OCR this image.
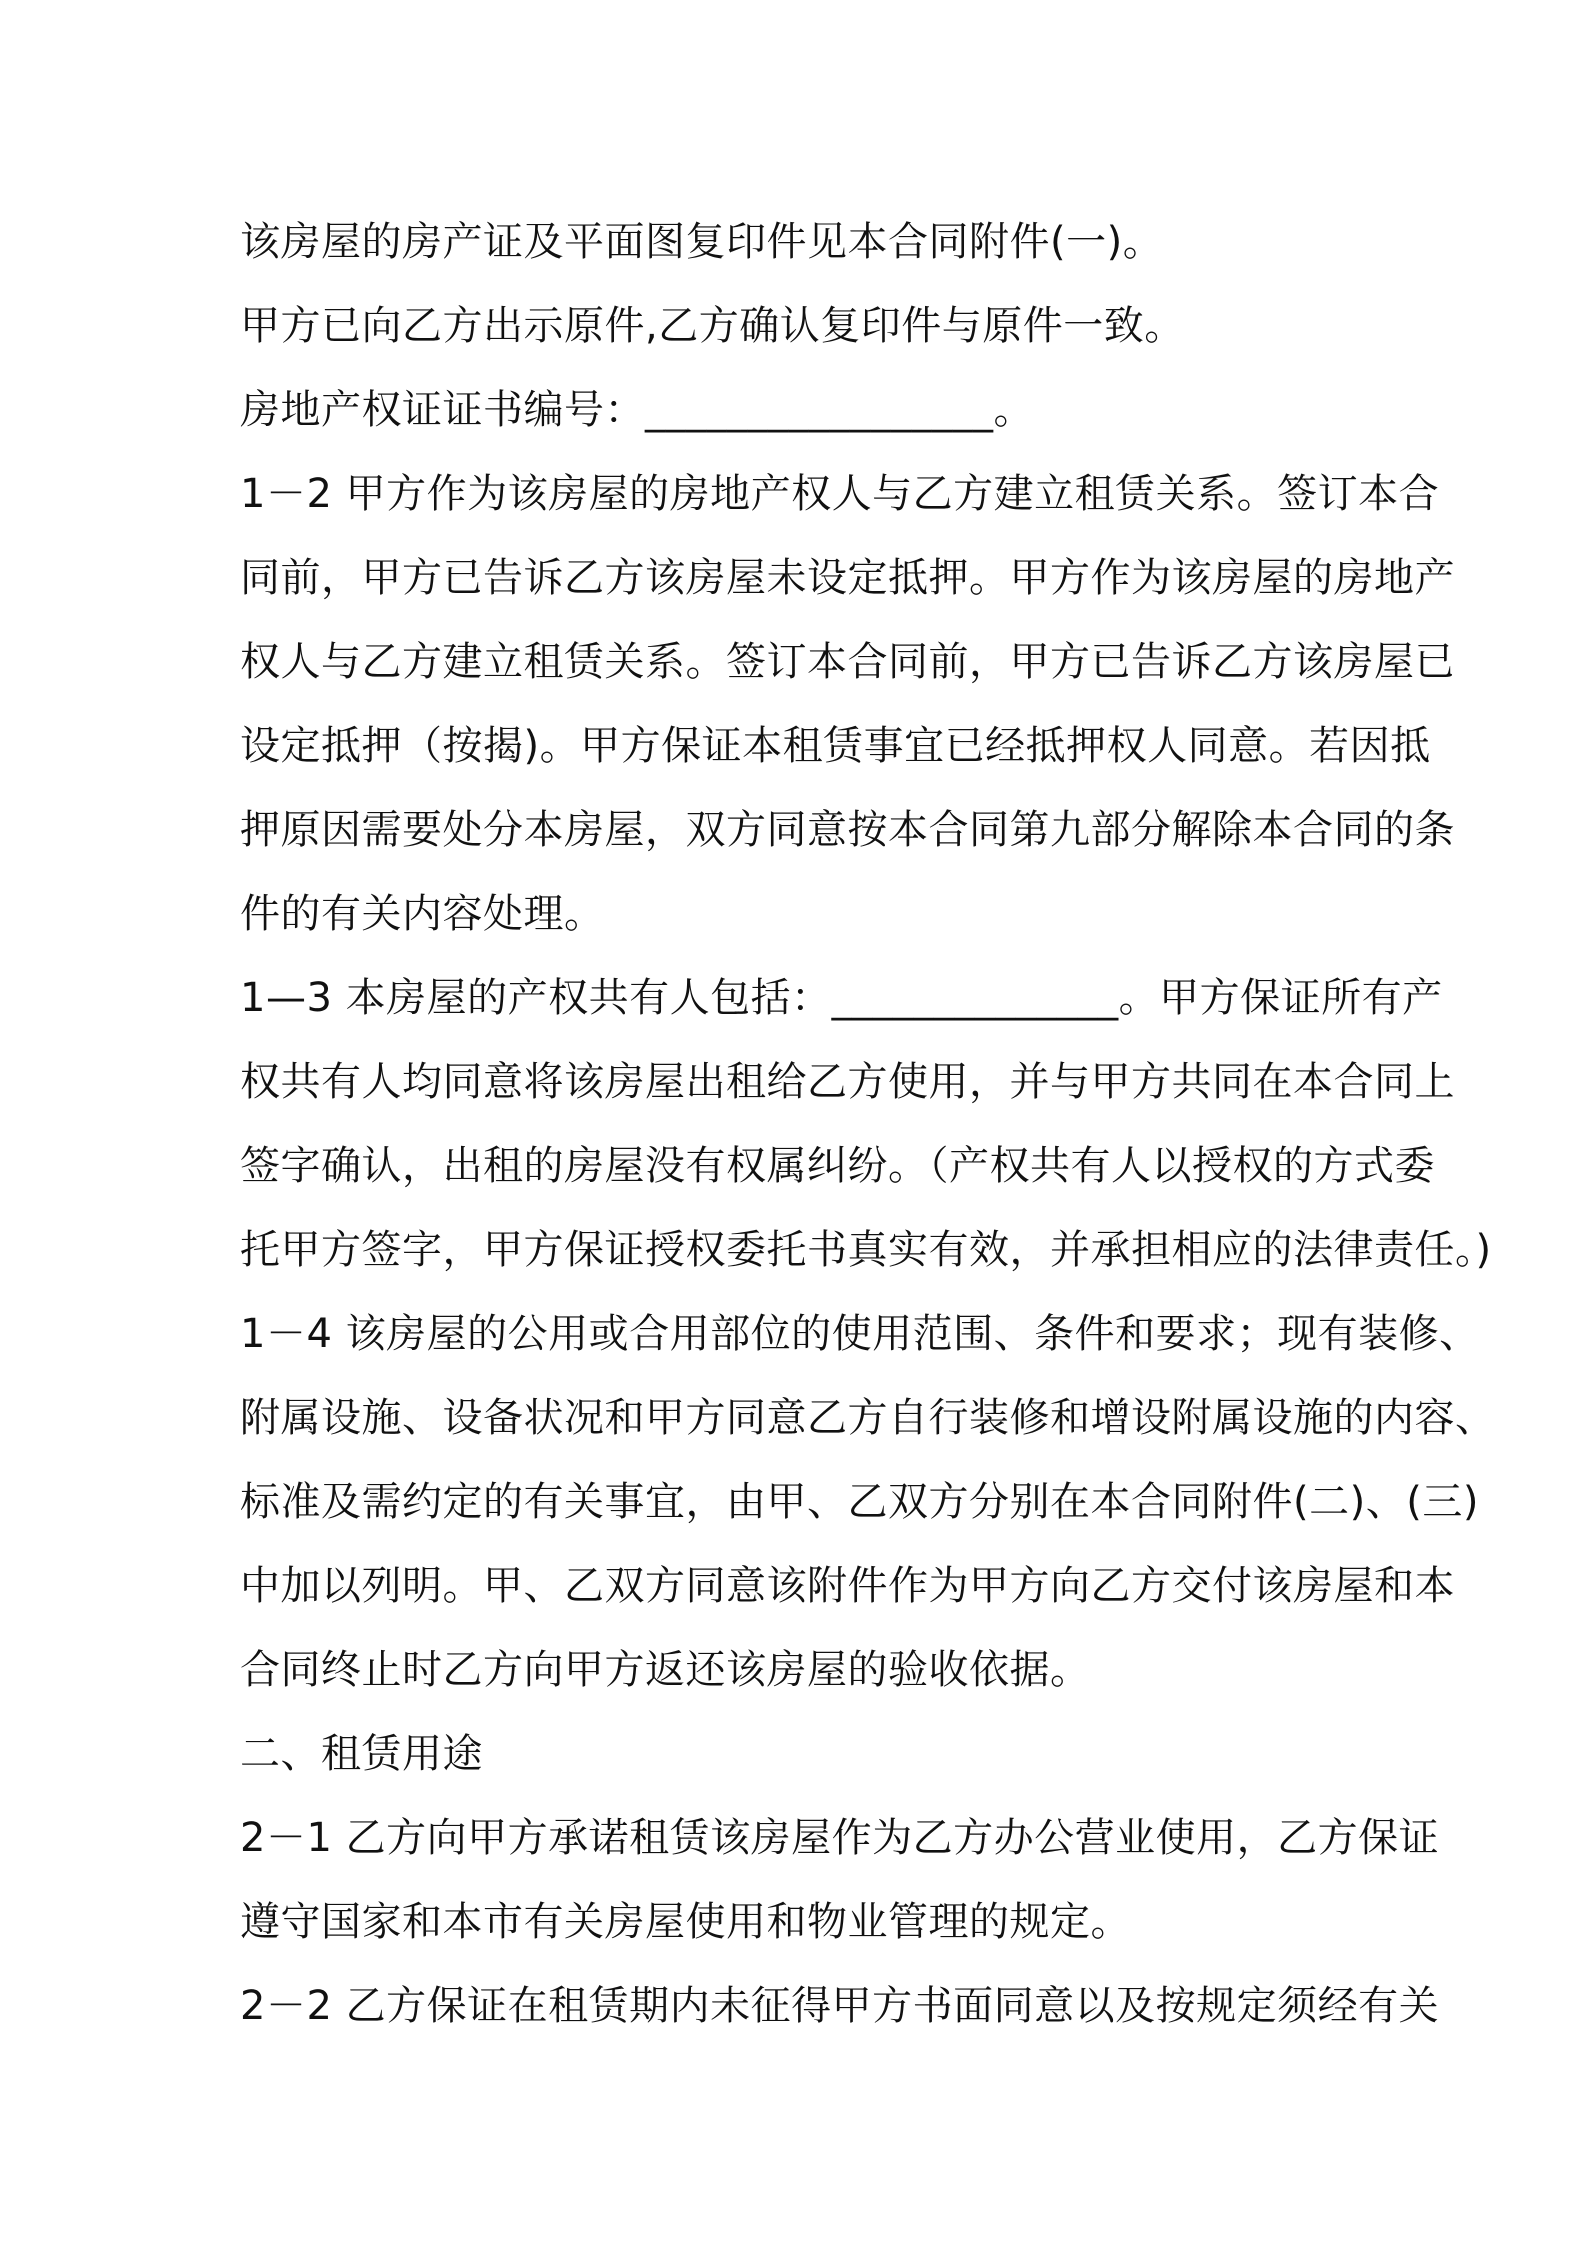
该房屋的房产证及平面图复印件见本合同附件(一)。
甲方已向乙方出示原件,乙方确认复印件与原件一致。
房地产权证证书编号：_________________。
1－2 甲方作为该房屋的房地产权人与乙方建立租赁关系。签订本合
同前，甲方已告诉乙方该房屋未设定抵押。甲方作为该房屋的房地产
权人与乙方建立租赁关系。签订本合同前，甲方已告诉乙方该房屋已
设定抵押（按揭)。甲方保证本租赁事宜已经抵押权人同意。若因抵
押原因需要处分本房屋，双方同意按本合同第九部分解除本合同的条
件的有关内容处理。
1—3 本房屋的产权共有人包括：______________。甲方保证所有产
权共有人均同意将该房屋出租给乙方使用，并与甲方共同在本合同上
签字确认，出租的房屋没有权属纠纷。（产权共有人以授权的方式委
托甲方签字，甲方保证授权委托书真实有效，并承担相应的法律责任。)
1－4 该房屋的公用或合用部位的使用范围、条件和要求；现有装修、
附属设施、设备状况和甲方同意乙方自行装修和增设附属设施的内容、
标准及需约定的有关事宜，由甲、乙双方分别在本合同附件(二)、(三)
中加以列明。甲、乙双方同意该附件作为甲方向乙方交付该房屋和本
合同终止时乙方向甲方返还该房屋的验收依据。
二、租赁用途
2－1 乙方向甲方承诺租赁该房屋作为乙方办公营业使用，乙方保证
遵守国家和本市有关房屋使用和物业管理的规定。
2－2 乙方保证在租赁期内未征得甲方书面同意以及按规定须经有关
